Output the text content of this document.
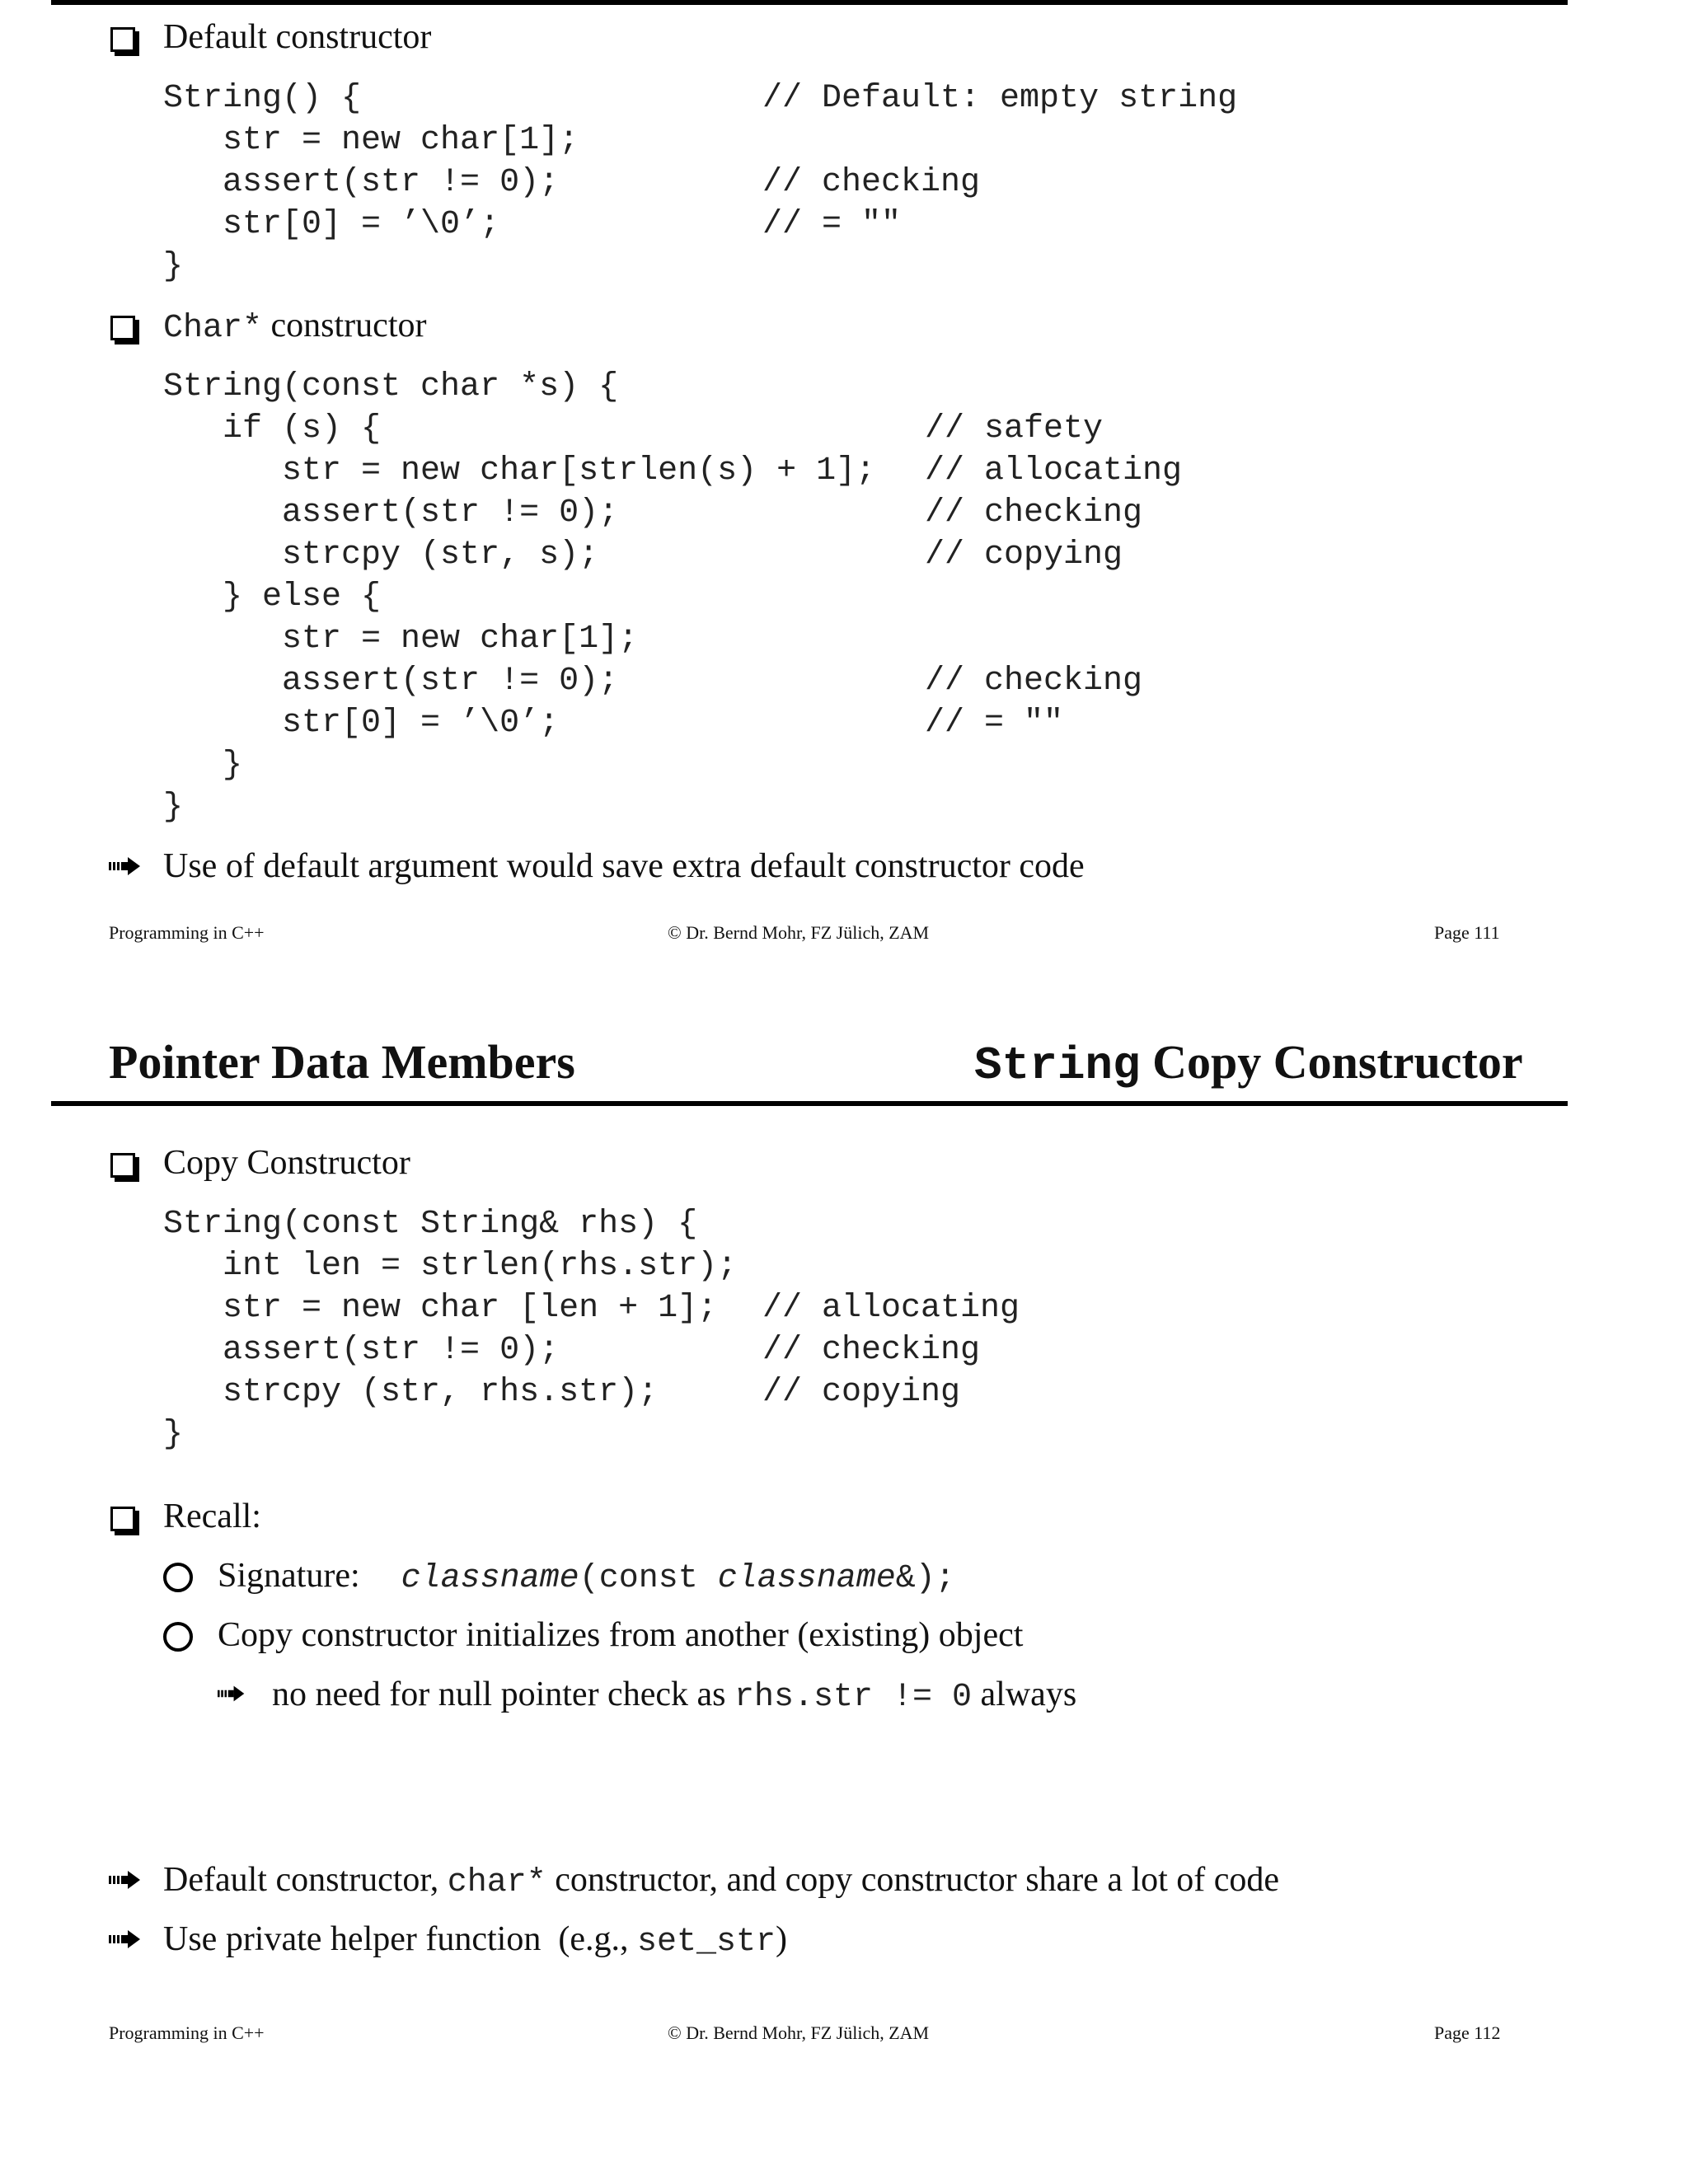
Default constructor
String() {	// Default: empty string
str = new char[1];
assert(str != 0);	// checking
str[0] = ’\0’;	// = ""
}
Char* constructor
String(const char *s) {
if (s) {	// safety
str = new char[strlen(s) + 1]; // allocating
assert(str != 0);	// checking
strcpy (str, s);	// copying
} else {
str = new char[1];
assert(str != 0);	// checking
str[0] = ’\0’;	// = ""
}
}
Use of default argument would save extra default constructor code
Programming in C++	© Dr. Bernd Mohr, FZ Jülich, ZAM	Page 111
Pointer Data Members	String Copy Constructor
Copy Constructor
String(const String& rhs) {
int len = strlen(rhs.str);
str = new char [len + 1]; // allocating
assert(str != 0);	// checking
strcpy (str, rhs.str);	// copying
}
Recall:
Signature: classname(const classname&);
Copy constructor initializes from another (existing) object
no need for null pointer check as rhs.str != 0 always
Default constructor, char* constructor, and copy constructor share a lot of code
Use private helper function  (e.g., set_str)
Programming in C++	© Dr. Bernd Mohr, FZ Jülich, ZAM	Page 112
